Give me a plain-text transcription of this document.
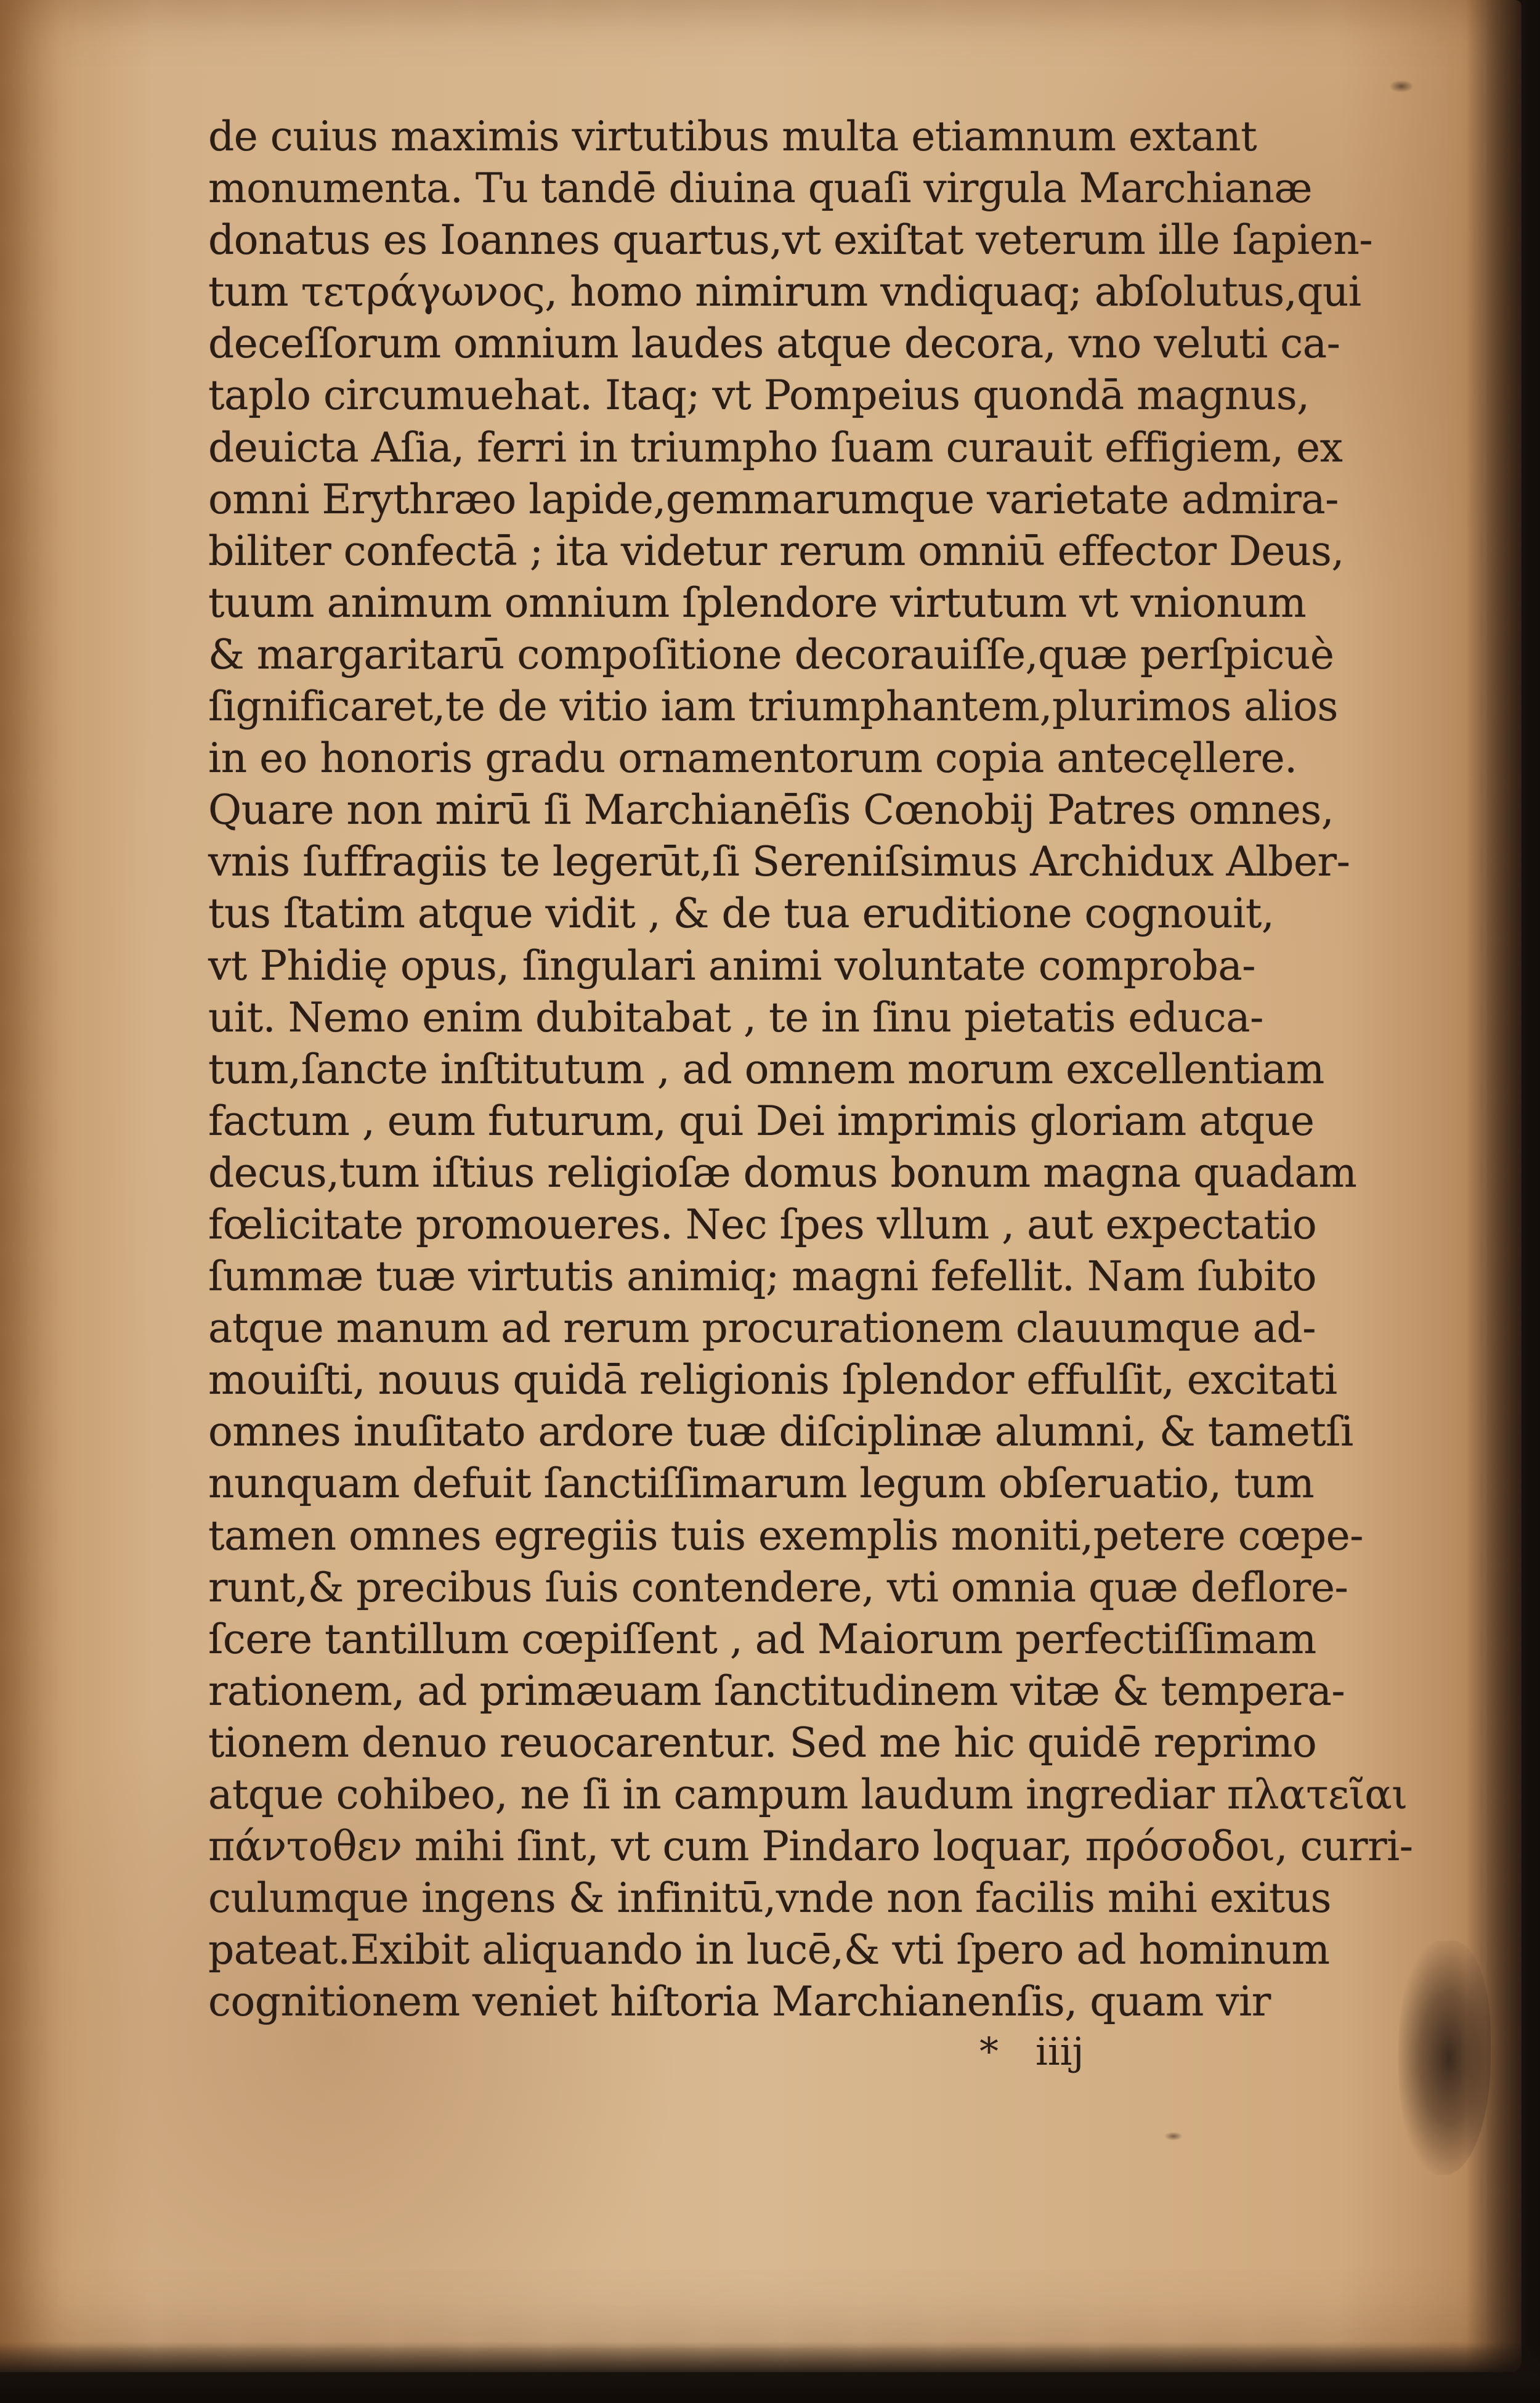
de cuius maximis virtutibus multa etiamnum extant
monumenta. Tu tandē diuina quaſi virgula Marchianæ
donatus es Ioannes quartus,vt exiſtat veterum ille ſapien-
tum τετράγωνος, homo nimirum vndiquaq; abſolutus,qui
deceſſorum omnium laudes atque decora, vno veluti ca-
taplo circumuehat. Itaq; vt Pompeius quondā magnus,
deuicta Aſia, ferri in triumpho ſuam curauit effigiem, ex
omni Erythræo lapide,gemmarumque varietate admira-
biliter confectā ; ita videtur rerum omniū effector Deus,
tuum animum omnium ſplendore virtutum vt vnionum
& margaritarū compoſitione decorauiſſe,quæ perſpicuè
ſignificaret,te de vitio iam triumphantem,plurimos alios
in eo honoris gradu ornamentorum copia antecęllere.
Quare non mirū ſi Marchianēſis Cœnobij Patres omnes,
vnis ſuffragiis te legerūt,ſi Sereniſsimus Archidux Alber-
tus ſtatim atque vidit , & de tua eruditione cognouit,
vt Phidię opus, ſingulari animi voluntate comproba-
uit. Nemo enim dubitabat , te in ſinu pietatis educa-
tum,ſancte inſtitutum , ad omnem morum excellentiam
factum , eum futurum, qui Dei imprimis gloriam atque
decus,tum iſtius religioſæ domus bonum magna quadam
fœlicitate promoueres. Nec ſpes vllum , aut expectatio
ſummæ tuæ virtutis animiq; magni fefellit. Nam ſubito
atque manum ad rerum procurationem clauumque ad-
mouiſti, nouus quidā religionis ſplendor effulſit, excitati
omnes inuſitato ardore tuæ diſciplinæ alumni, & tametſi
nunquam defuit ſanctiſſimarum legum obſeruatio, tum
tamen omnes egregiis tuis exemplis moniti,petere cœpe-
runt,& precibus ſuis contendere, vti omnia quæ deflore-
ſcere tantillum cœpiſſent , ad Maiorum perfectiſſimam
rationem, ad primæuam ſanctitudinem vitæ & tempera-
tionem denuo reuocarentur. Sed me hic quidē reprimo
atque cohibeo, ne ſi in campum laudum ingrediar πλατεῖαι
πάντοθεν mihi ſint, vt cum Pindaro loquar, πρόσοδοι, curri-
culumque ingens & infinitū,vnde non facilis mihi exitus
pateat.Exibit aliquando in lucē,& vti ſpero ad hominum
cognitionem veniet hiſtoria Marchianenſis, quam vir
* iiij
